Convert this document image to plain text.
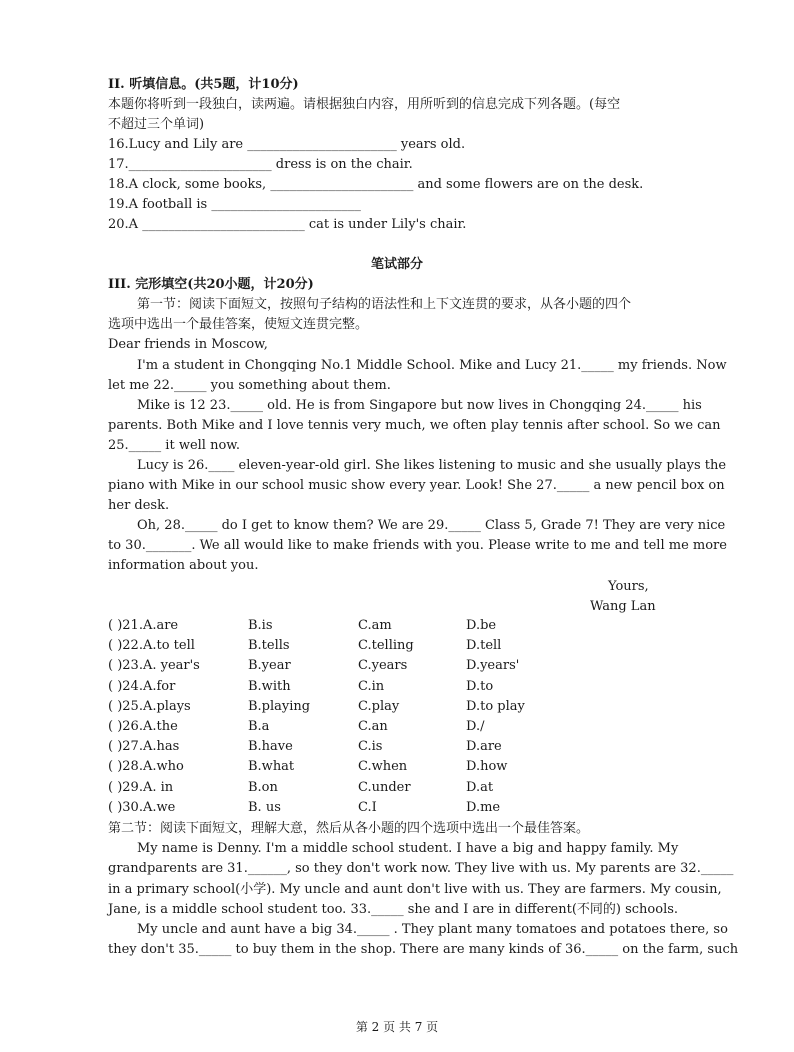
II. 听填信息。(共5题，计10分)
本题你将听到一段独白，读两遍。请根据独白内容，用所听到的信息完成下列各题。(每空
不超过三个单词)
16.Lucy and Lily are _______________________ years old.
17.______________________ dress is on the chair.
18.A clock, some books, ______________________ and some flowers are on the desk.
19.A football is _______________________
20.A _________________________ cat is under Lily's chair.
笔试部分
III. 完形填空(共20小题，计20分)
第一节：阅读下面短文，按照句子结构的语法性和上下文连贯的要求，从各小题的四个
选项中选出一个最佳答案，使短文连贯完整。
Dear friends in Moscow,
I'm a student in Chongqing No.1 Middle School. Mike and Lucy 21._____ my friends. Now
let me 22._____ you something about them.
Mike is 12 23._____ old. He is from Singapore but now lives in Chongqing 24._____ his
parents. Both Mike and I love tennis very much, we often play tennis after school. So we can
25._____ it well now.
Lucy is 26.____ eleven-year-old girl. She likes listening to music and she usually plays the
piano with Mike in our school music show every year. Look! She 27._____ a new pencil box on
her desk.
Oh, 28._____ do I get to know them? We are 29._____ Class 5, Grade 7! They are very nice
to 30._______. We all would like to make friends with you. Please write to me and tell me more
information about you.
Yours,
Wang Lan
( )21.A.are	B.is	C.am	D.be
( )22.A.to tell	B.tells	C.telling	D.tell
( )23.A. year's	B.year	C.years	D.years'
( )24.A.for	B.with	C.in	D.to
( )25.A.plays	B.playing	C.play	D.to play
( )26.A.the	B.a	C.an	D./
( )27.A.has	B.have	C.is	D.are
( )28.A.who	B.what	C.when	D.how
( )29.A. in	B.on	C.under	D.at
( )30.A.we	B. us	C.I	D.me
第二节：阅读下面短文，理解大意，然后从各小题的四个选项中选出一个最佳答案。
My name is Denny. I'm a middle school student. I have a big and happy family. My
grandparents are 31.______, so they don't work now. They live with us. My parents are 32._____
in a primary school(小学). My uncle and aunt don't live with us. They are farmers. My cousin,
Jane, is a middle school student too. 33._____ she and I are in different(不同的) schools.
My uncle and aunt have a big 34._____ . They plant many tomatoes and potatoes there, so
they don't 35._____ to buy them in the shop. There are many kinds of 36._____ on the farm, such
第 2 页 共 7 页
